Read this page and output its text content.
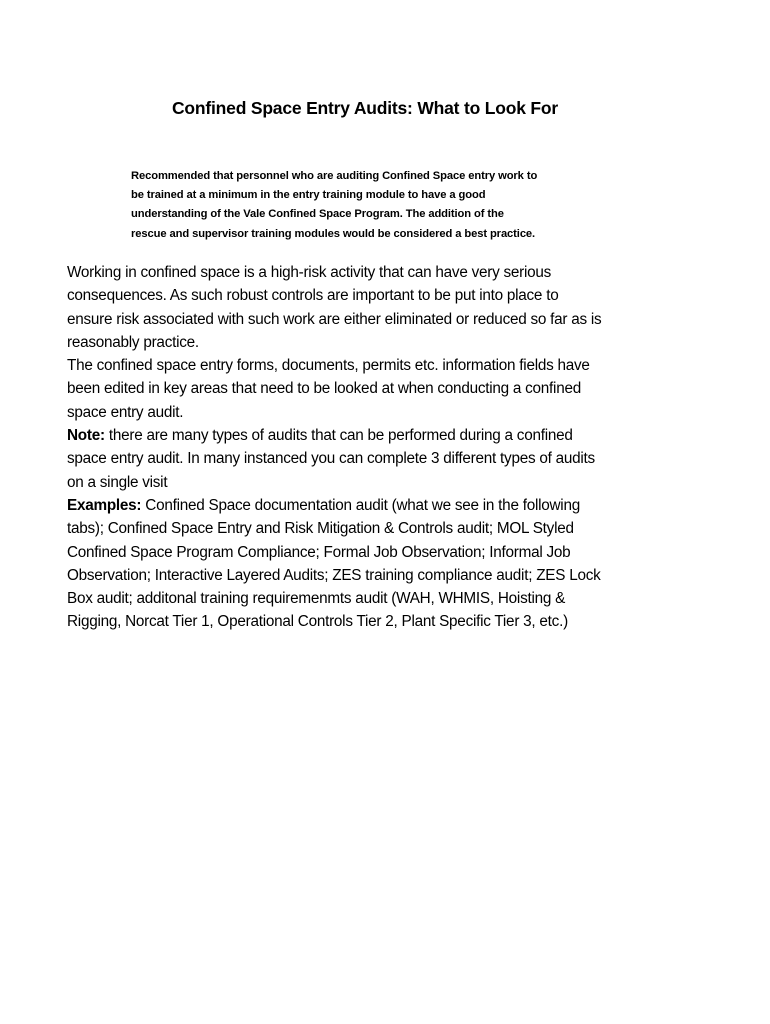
Confined Space Entry Audits: What to Look For
Recommended that personnel who are auditing Confined Space entry work to
be trained at a minimum in the entry training module to have a good
understanding of the Vale Confined Space Program. The addition of the
rescue and supervisor training modules would be considered a best practice.
Working in confined space is a high-risk activity that can have very serious
consequences. As such robust controls are important to be put into place to
ensure risk associated with such work are either eliminated or reduced so far as is
reasonably practice.
The confined space entry forms, documents, permits etc. information fields have
been edited in key areas that need to be looked at when conducting a confined
space entry audit.
Note: there are many types of audits that can be performed during a confined
space entry audit. In many instanced you can complete 3 different types of audits
on a single visit
Examples: Confined Space documentation audit (what we see in the following
tabs); Confined Space Entry and Risk Mitigation & Controls audit; MOL Styled
Confined Space Program Compliance; Formal Job Observation; Informal Job
Observation; Interactive Layered Audits; ZES training compliance audit; ZES Lock
Box audit; additonal training requiremenmts audit (WAH, WHMIS, Hoisting &
Rigging, Norcat Tier 1, Operational Controls Tier 2, Plant Specific Tier 3, etc.)
